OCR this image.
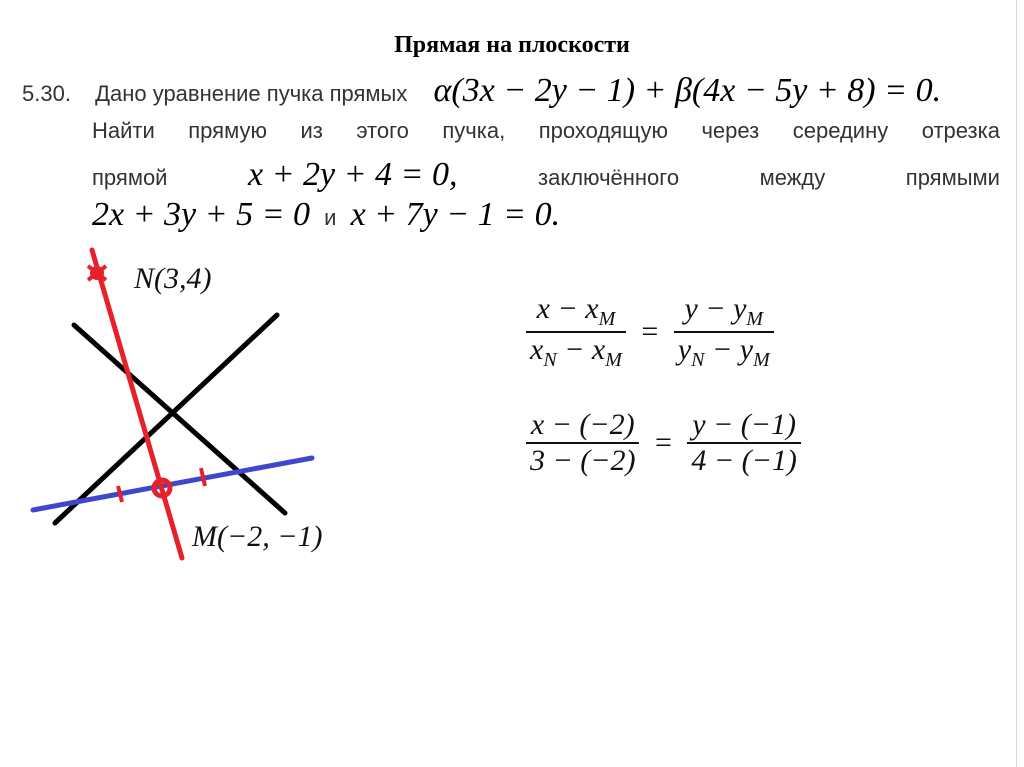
Прямая на плоскости
5.30. Дано уравнение пучка прямых α(3x − 2y − 1) + β(4x − 5y + 8) = 0.
Найти прямую из этого пучка, проходящую через середину отрезка
прямой x + 2y + 4 = 0,	заключённого	между	прямыми
2x + 3y + 5 = 0 и x + 7y − 1 = 0.
N(3,4)
M(−2, −1)
$\frac{x - x_M}{x_N - x_M} = \frac{y - y_M}{y_N - y_M}$
$\frac{x - (-2)}{3 - (-2)} = \frac{y - (-1)}{4 - (-1)}$
